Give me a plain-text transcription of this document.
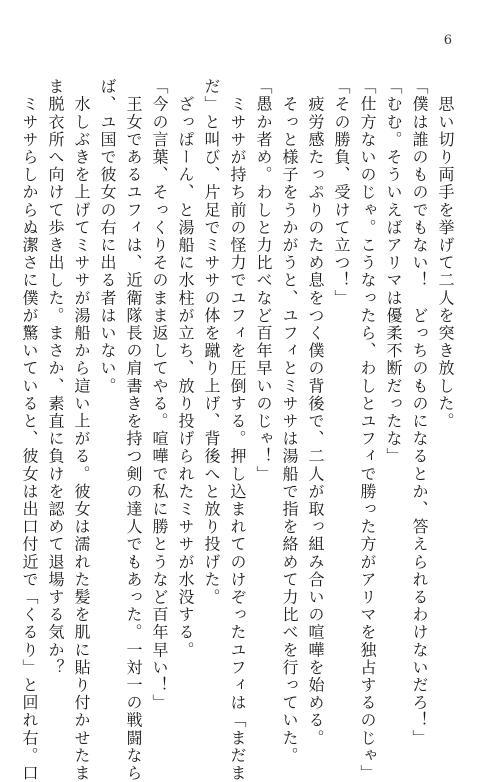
6

　思い切り両手を挙げて二人を突き放した。

「僕は誰のものでもない！　どっちのものになるとか、答えられるわけないだろ！」

「むむ。そういえばアリマは優柔不断だったな」

「仕方ないのじゃ。こうなったら、わしとユフィで勝った方がアリマを独占するのじゃ」

「その勝負、受けて立つ！」

　疲労感たっぷりのため息をつく僕の背後で、二人が取っ組み合いの喧嘩を始める。

　そっと様子をうかがうと、ユフィとミササは湯船で指を絡めて力比べを行っていた。

「愚か者め。わしと力比べなど百年早いのじゃ！」

　ミササが持ち前の怪力でユフィを圧倒する。押し込まれてのけぞったユフィは「まだま

だ」と叫び、片足でミササの体を蹴り上げ、背後へと放り投げた。

　ざっぱーん、と湯船に水柱が立ち、放り投げられたミササが水没する。

「今の言葉、そっくりそのまま返してやる。喧嘩で私に勝とうなど百年早い！」

　王女であるユフィは、近衛隊長の肩書きを持つ剣の達人でもあった。一対一の戦闘なら

ば、ユ国で彼女の右に出る者はいない。

　水しぶきを上げてミササが湯船から這い上がる。彼女は濡れた髪を肌に貼り付かせたま

ま脱衣所へ向けて歩き出した。まさか、素直に負けを認めて退場する気か？

　ミササらしからぬ潔さに僕が驚いていると、彼女は出口付近で「くるり」と回れ右。口
